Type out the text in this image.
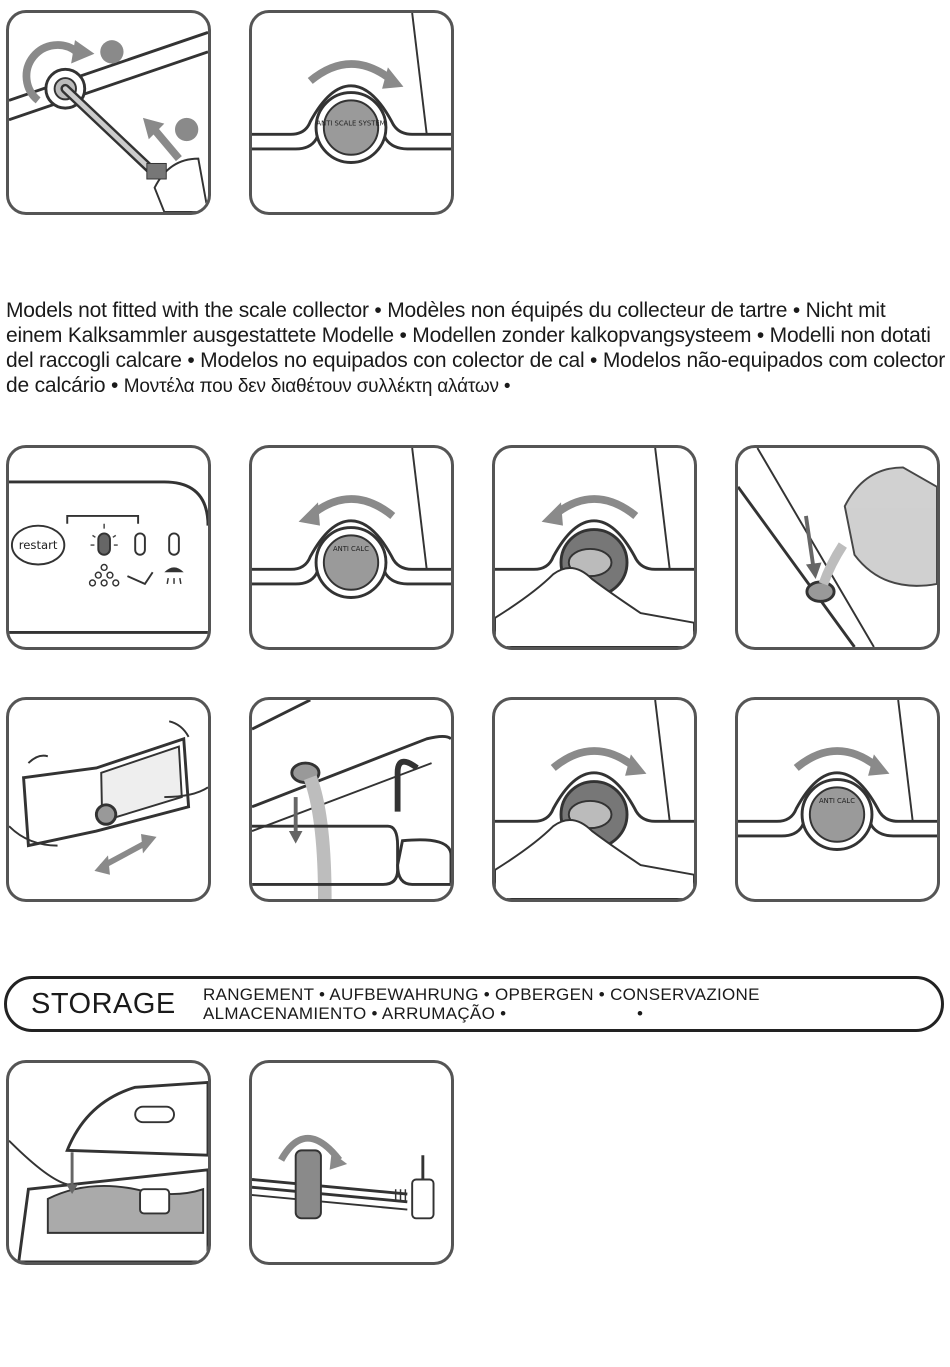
ANTI SCALE SYSTEM
Models not fitted with the scale collector • Modèles non équipés du collecteur de tartre • Nicht mit einem Kalksammler ausgestattete Modelle • Modellen zonder kalkopvangsysteem • Modelli non dotati del raccogli calcare • Modelos no equipados con colector de cal • Modelos não-equipados com colector de calcário • Μοντέλα που δεν διαθέτουν συλλέκτη αλάτων •
restart	ANTI CALC
ANTI CALC
STORAGE RANGEMENT • AUFBEWAHRUNG • OPBERGEN • CONSERVAZIONE
ALMACENAMIENTO • ARRUMAÇÃO •                          •
